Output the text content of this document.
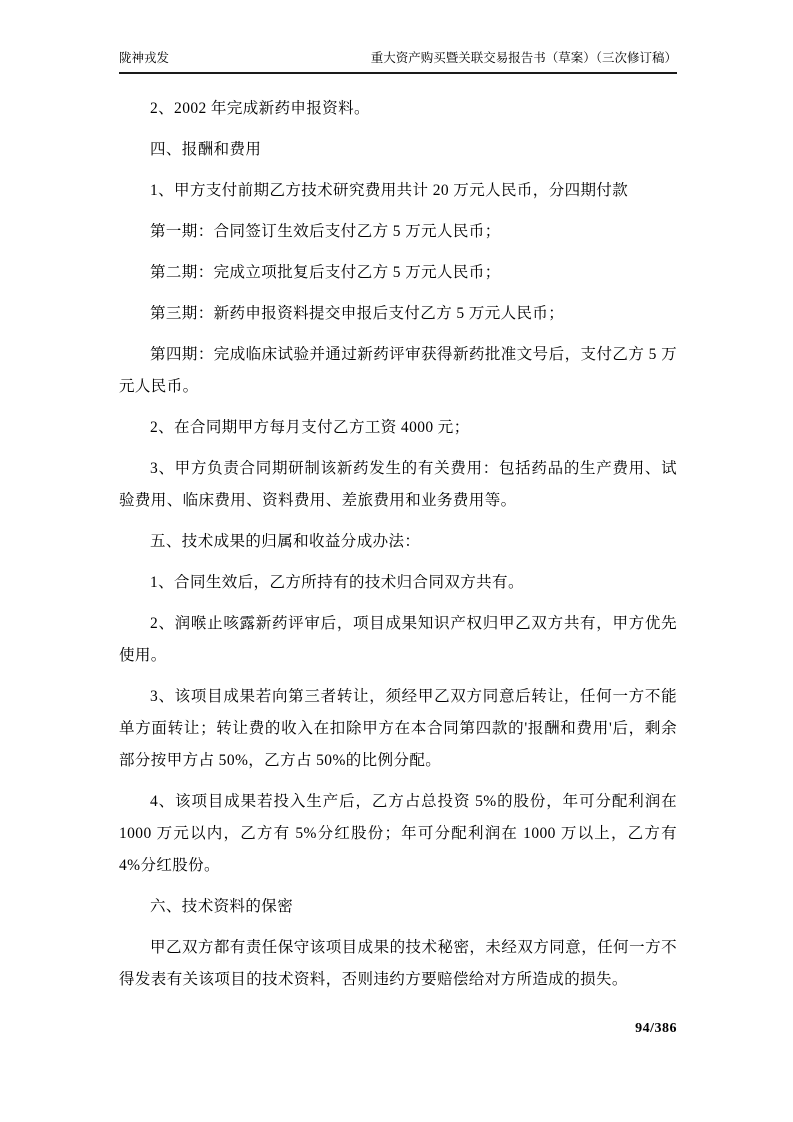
陇神戎发	重大资产购买暨关联交易报告书（草案）（三次修订稿）

2、2002 年完成新药申报资料。

四、报酬和费用

1、甲方支付前期乙方技术研究费用共计 20 万元人民币，分四期付款

第一期：合同签订生效后支付乙方 5 万元人民币；

第二期：完成立项批复后支付乙方 5 万元人民币；

第三期：新药申报资料提交申报后支付乙方 5 万元人民币；

第四期：完成临床试验并通过新药评审获得新药批准文号后，支付乙方 5 万元人民币。

2、在合同期甲方每月支付乙方工资 4000 元；

3、甲方负责合同期研制该新药发生的有关费用：包括药品的生产费用、试验费用、临床费用、资料费用、差旅费用和业务费用等。

五、技术成果的归属和收益分成办法：

1、合同生效后，乙方所持有的技术归合同双方共有。

2、润喉止咳露新药评审后，项目成果知识产权归甲乙双方共有，甲方优先使用。

3、该项目成果若向第三者转让，须经甲乙双方同意后转让，任何一方不能单方面转让；转让费的收入在扣除甲方在本合同第四款的'报酬和费用'后，剩余部分按甲方占 50%，乙方占 50%的比例分配。

4、该项目成果若投入生产后，乙方占总投资 5%的股份，年可分配利润在 1000 万元以内，乙方有 5%分红股份；年可分配利润在 1000 万以上，乙方有 4%分红股份。

六、技术资料的保密

甲乙双方都有责任保守该项目成果的技术秘密，未经双方同意，任何一方不得发表有关该项目的技术资料，否则违约方要赔偿给对方所造成的损失。

94/386
